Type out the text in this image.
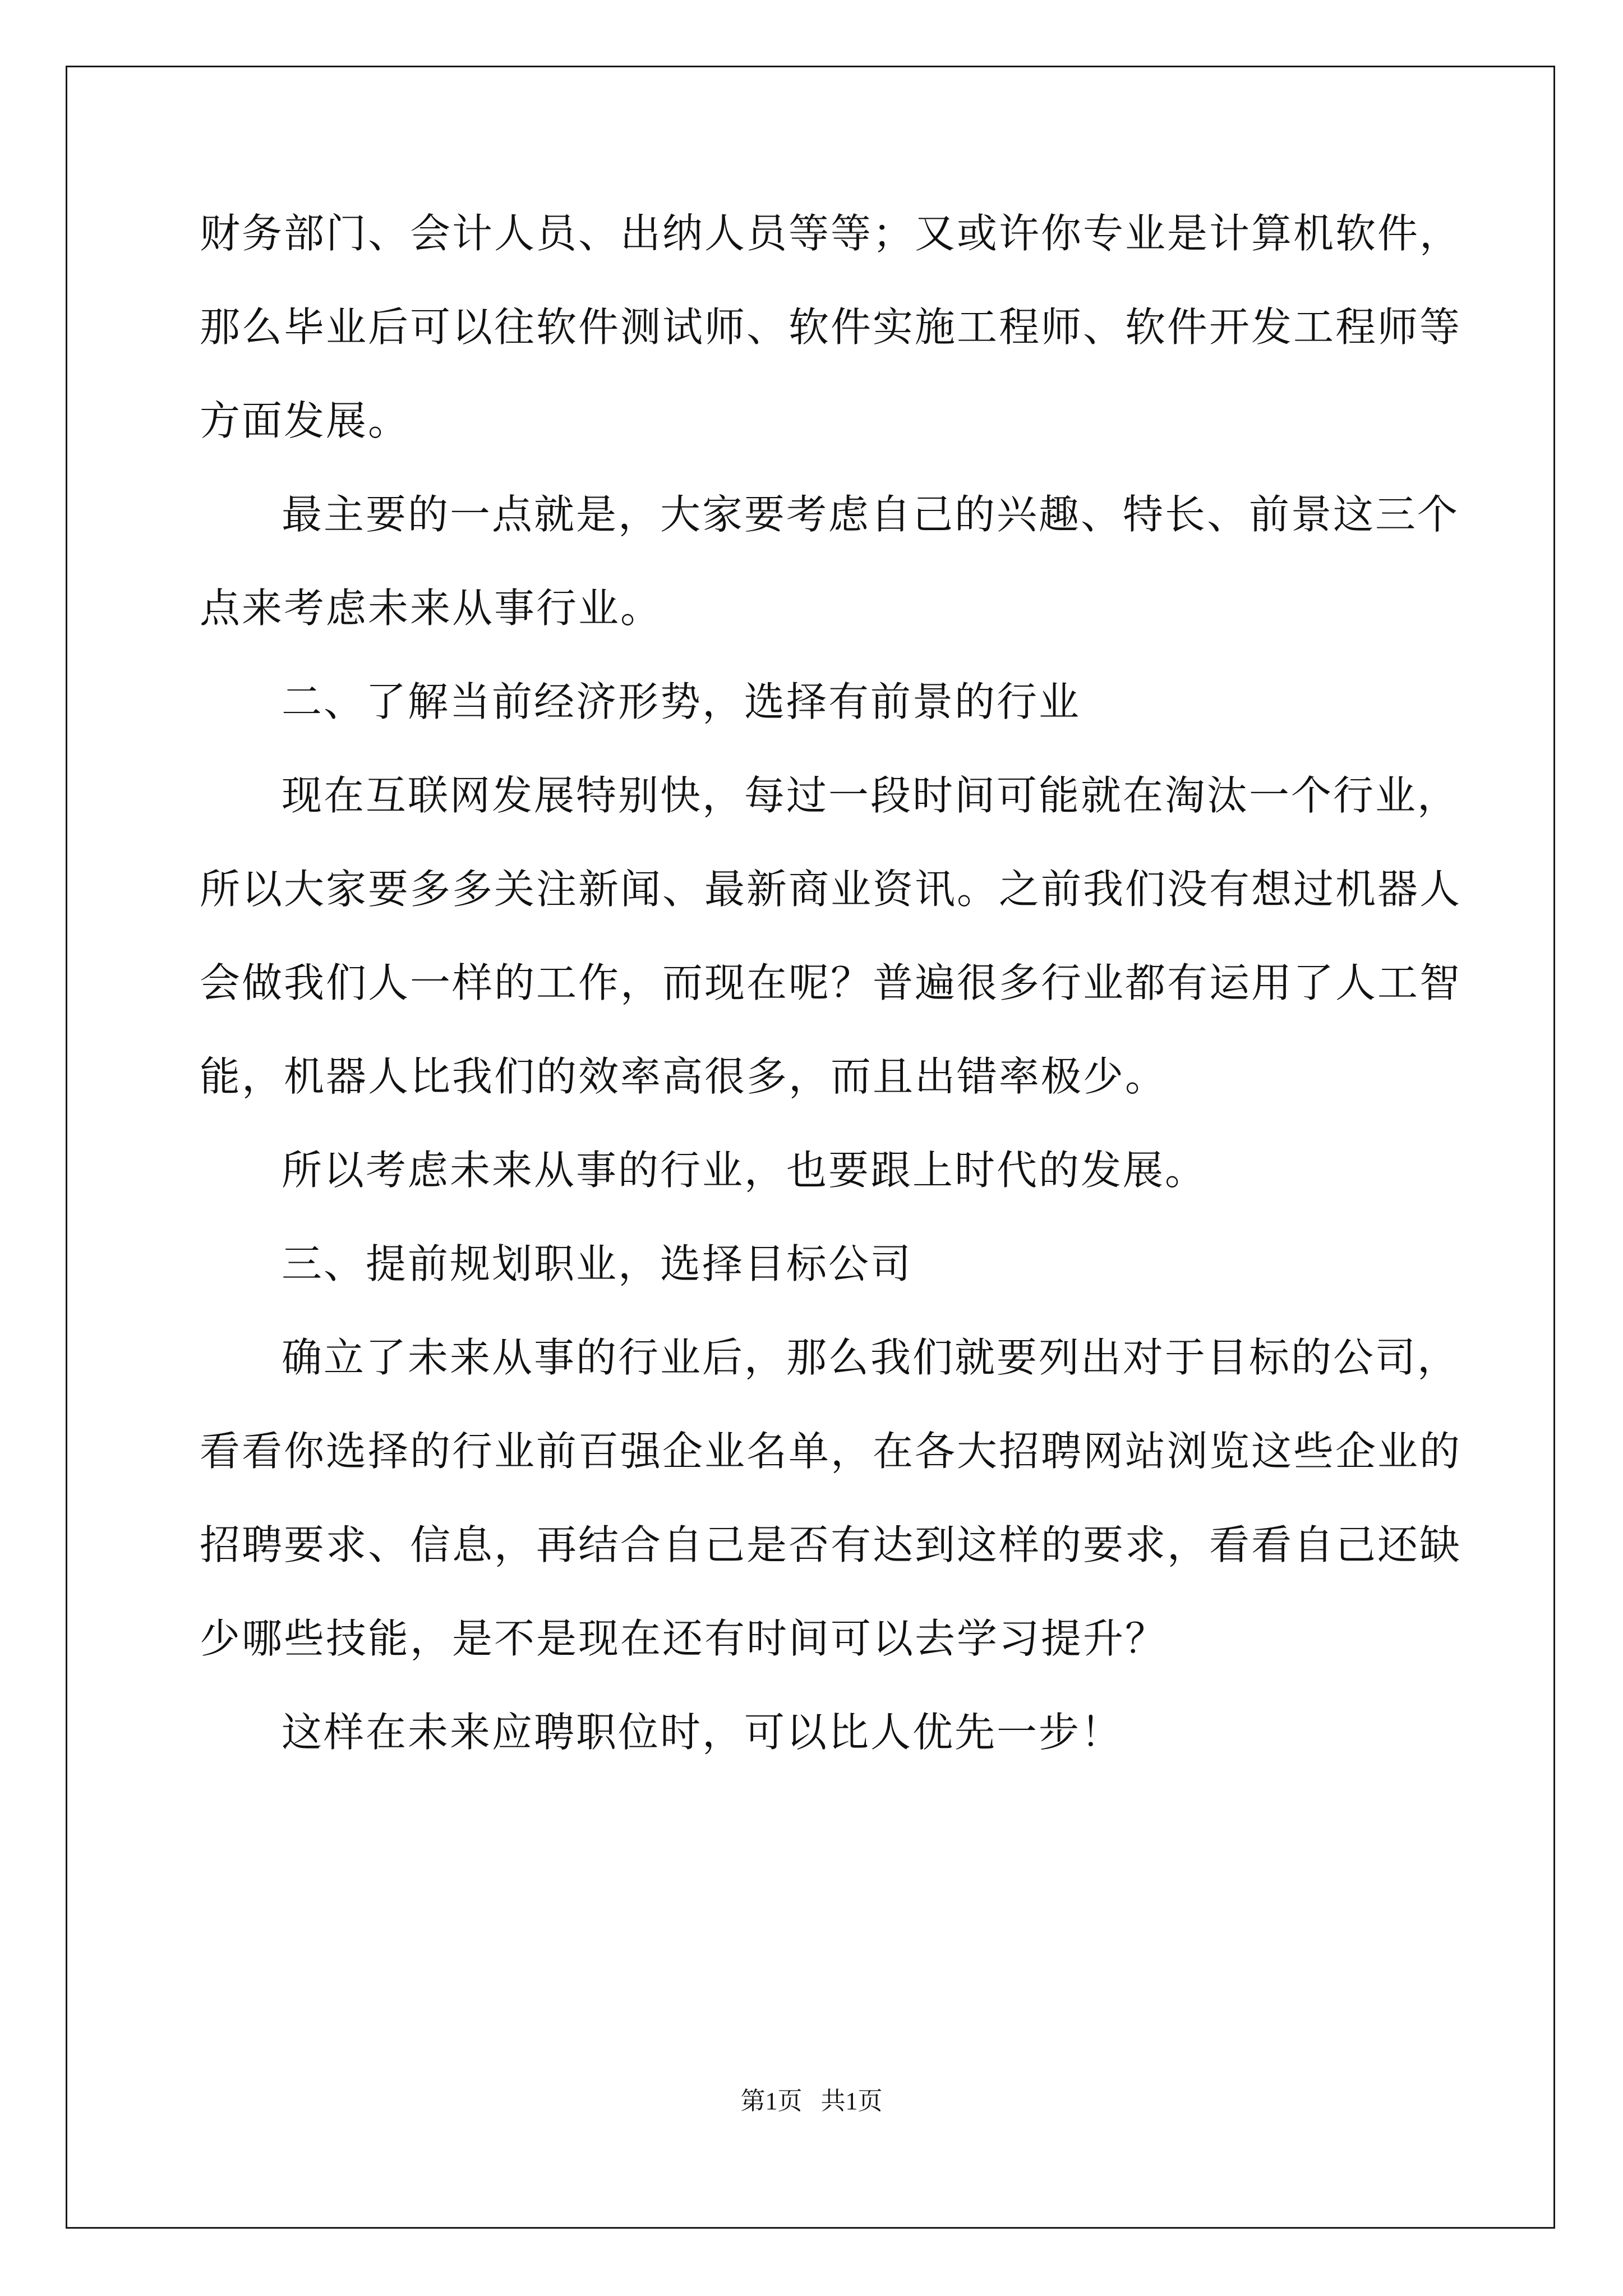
财务部门、会计人员、出纳人员等等；又或许你专业是计算机软件，

那么毕业后可以往软件测试师、软件实施工程师、软件开发工程师等

方面发展。

最主要的一点就是，大家要考虑自己的兴趣、特长、前景这三个

点来考虑未来从事行业。

二、了解当前经济形势，选择有前景的行业

现在互联网发展特别快，每过一段时间可能就在淘汰一个行业，

所以大家要多多关注新闻、最新商业资讯。之前我们没有想过机器人

会做我们人一样的工作，而现在呢？普遍很多行业都有运用了人工智

能，机器人比我们的效率高很多，而且出错率极少。

所以考虑未来从事的行业，也要跟上时代的发展。

三、提前规划职业，选择目标公司

确立了未来从事的行业后，那么我们就要列出对于目标的公司，

看看你选择的行业前百强企业名单，在各大招聘网站浏览这些企业的

招聘要求、信息，再结合自己是否有达到这样的要求，看看自己还缺

少哪些技能，是不是现在还有时间可以去学习提升？

这样在未来应聘职位时，可以比人优先一步！

第1页   共1页
